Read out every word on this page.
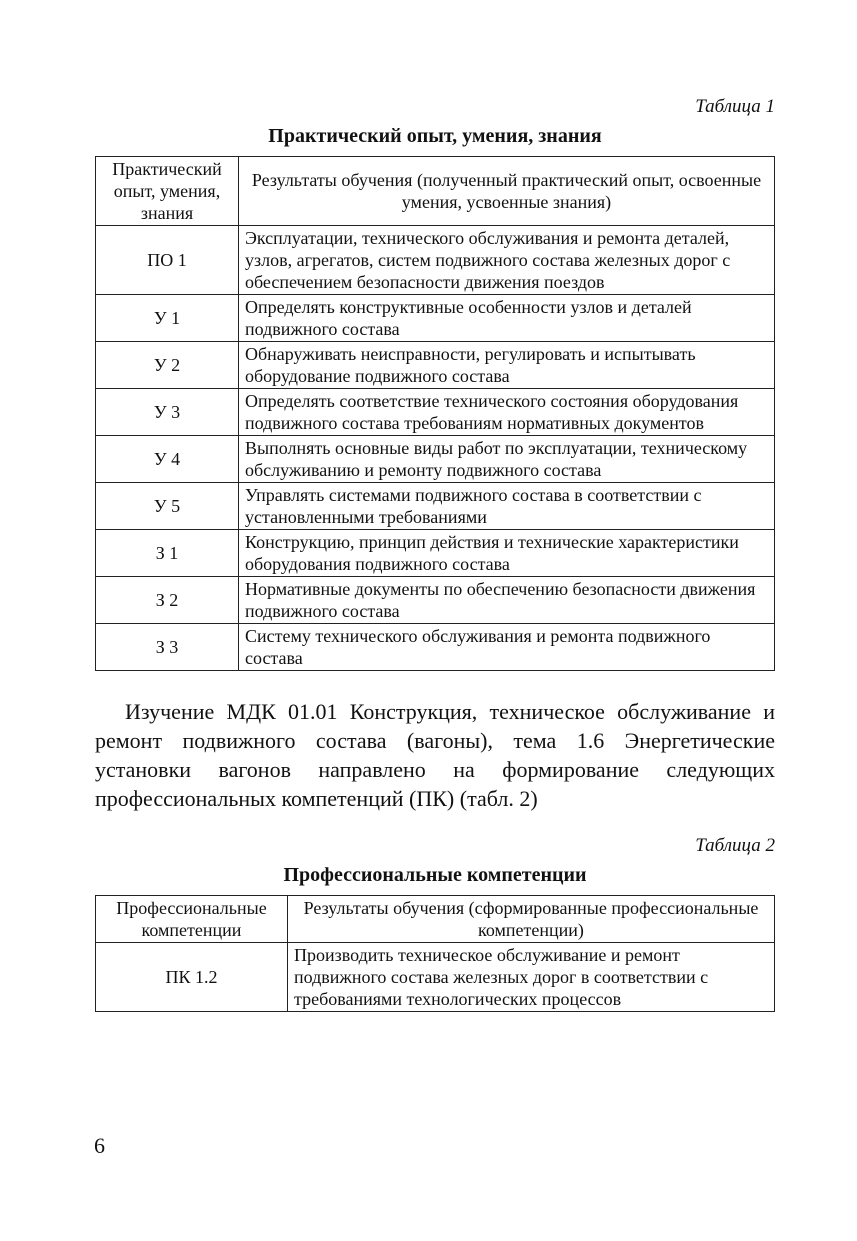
Таблица 1
Практический опыт, умения, знания
Практический опыт, умения, знания	Результаты обучения (полученный практический опыт, освоенные умения, усвоенные знания)
ПО 1	Эксплуатации, технического обслуживания и ремонта деталей, узлов, агрегатов, систем подвижного состава железных дорог с обеспечением безопасности движения поездов
У 1	Определять конструктивные особенности узлов и деталей подвижного состава
У 2	Обнаруживать неисправности, регулировать и испытывать оборудование подвижного состава
У 3	Определять соответствие технического состояния оборудования подвижного состава требованиям нормативных документов
У 4	Выполнять основные виды работ по эксплуатации, техническому обслуживанию и ремонту подвижного состава
У 5	Управлять системами подвижного состава в соответствии с установленными требованиями
З 1	Конструкцию, принцип действия и технические характеристики оборудования подвижного состава
З 2	Нормативные документы по обеспечению безопасности движения подвижного состава
З 3	Систему технического обслуживания и ремонта подвижного состава

Изучение МДК 01.01 Конструкция, техническое обслуживание и ремонт подвижного состава (вагоны), тема 1.6 Энергетические установки вагонов направлено на формирование следующих профессиональных компетенций (ПК) (табл. 2)

Таблица 2
Профессиональные компетенции
Профессиональные компетенции	Результаты обучения (сформированные профессиональные компетенции)
ПК 1.2	Производить техническое обслуживание и ремонт подвижного состава железных дорог в соответствии с требованиями технологических процессов
6
